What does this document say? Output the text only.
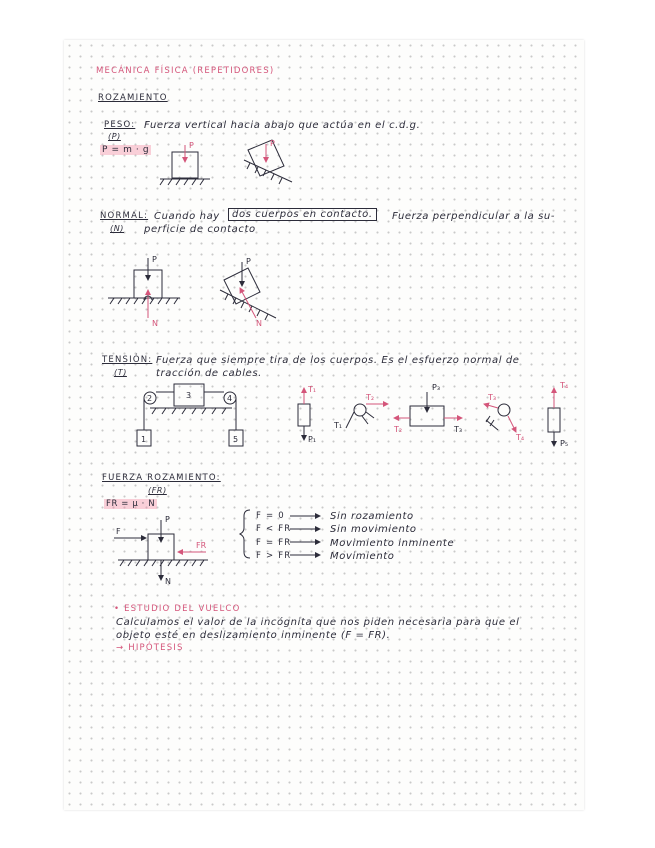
MECÁNICA FÍSICA (REPETIDORES)
ROZAMIENTO
PESO: Fuerza vertical hacia abajo que actúa en el c.d.g.
(P)
P = m · g
NORMAL: Cuando hay	dos cuerpos en contacto.	Fuerza perpendicular a la su-
(N) perficie de contacto
TENSIÓN: Fuerza que siempre tira de los cuerpos. Es el esfuerzo normal de
(T)	tracción de cables.
FUERZA ROZAMIENTO:
(FR)
FR = μ · N
F = 0	Sin rozamiento
F < FR	Sin movimiento
F = FR	Movimiento inminente
F > FR	Movimiento
• ESTUDIO DEL VUELCO
Calculamos el valor de la incógnita que nos piden necesaria para que el
objeto esté en deslizamiento inminente (F = FR).
→ HIPÓTESIS
P	P
P
N
P
N
2	4
3
1	5
T₁
P₁
T₂
T₁
P₃
T₂	T₃
T₃
T₄
T₄
P₅
F
P
FR
N
